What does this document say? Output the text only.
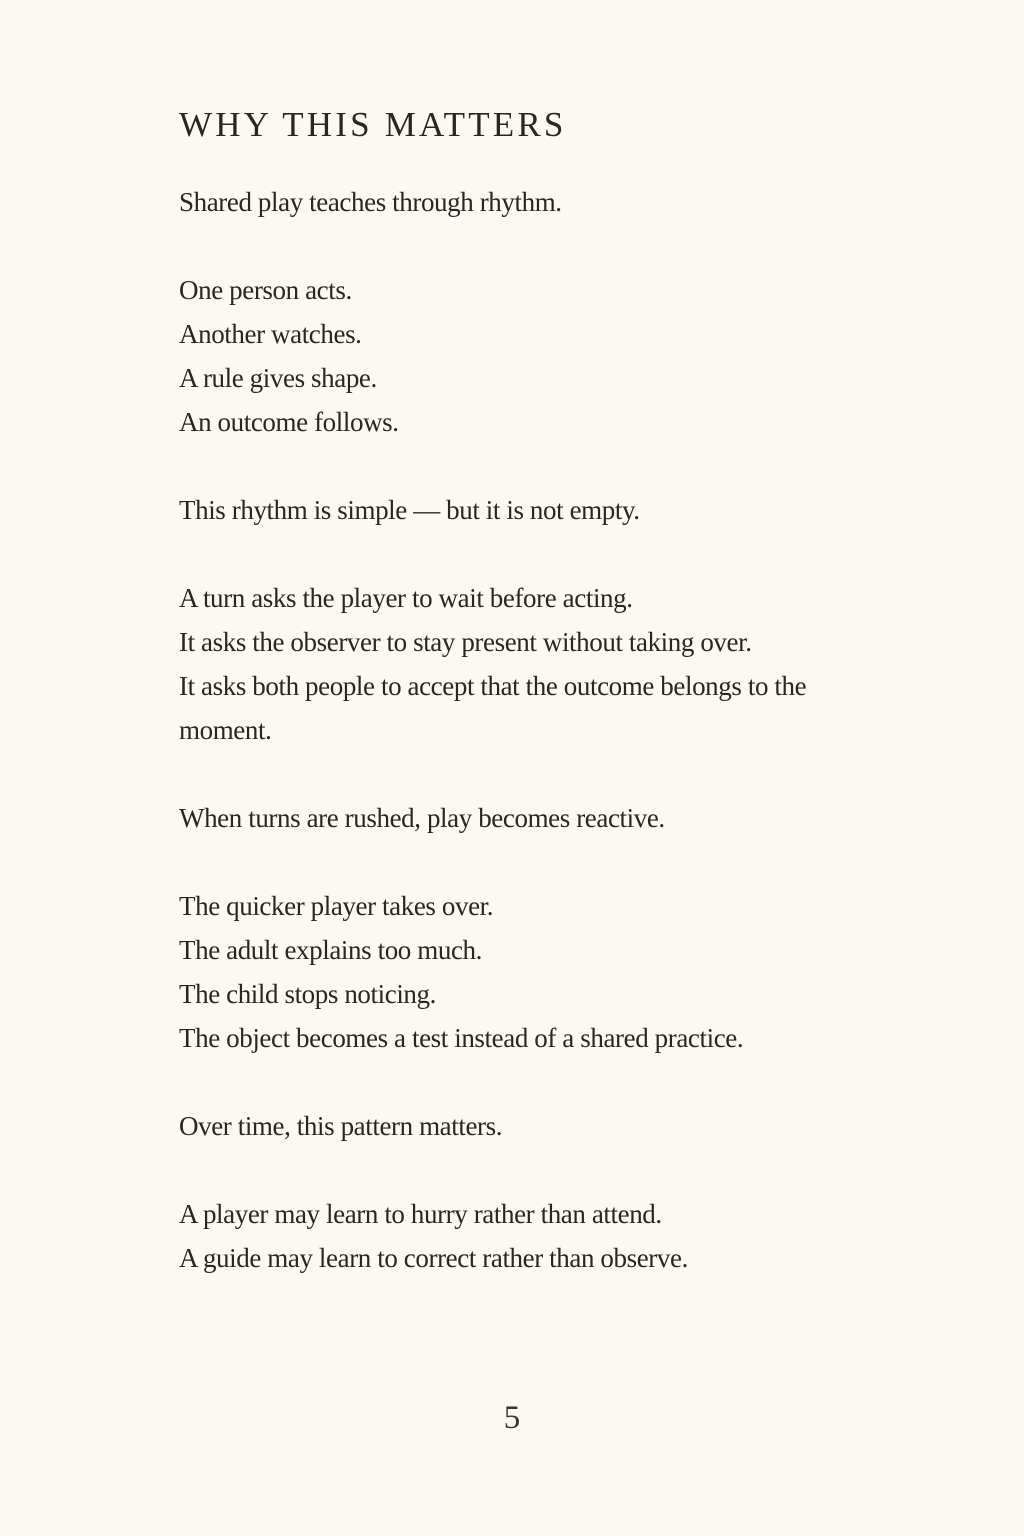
WHY THIS MATTERS

Shared play teaches through rhythm.

One person acts.
Another watches.
A rule gives shape.
An outcome follows.

This rhythm is simple — but it is not empty.

A turn asks the player to wait before acting.
It asks the observer to stay present without taking over.
It asks both people to accept that the outcome belongs to the moment.

When turns are rushed, play becomes reactive.

The quicker player takes over.
The adult explains too much.
The child stops noticing.
The object becomes a test instead of a shared practice.

Over time, this pattern matters.

A player may learn to hurry rather than attend.
A guide may learn to correct rather than observe.

5
